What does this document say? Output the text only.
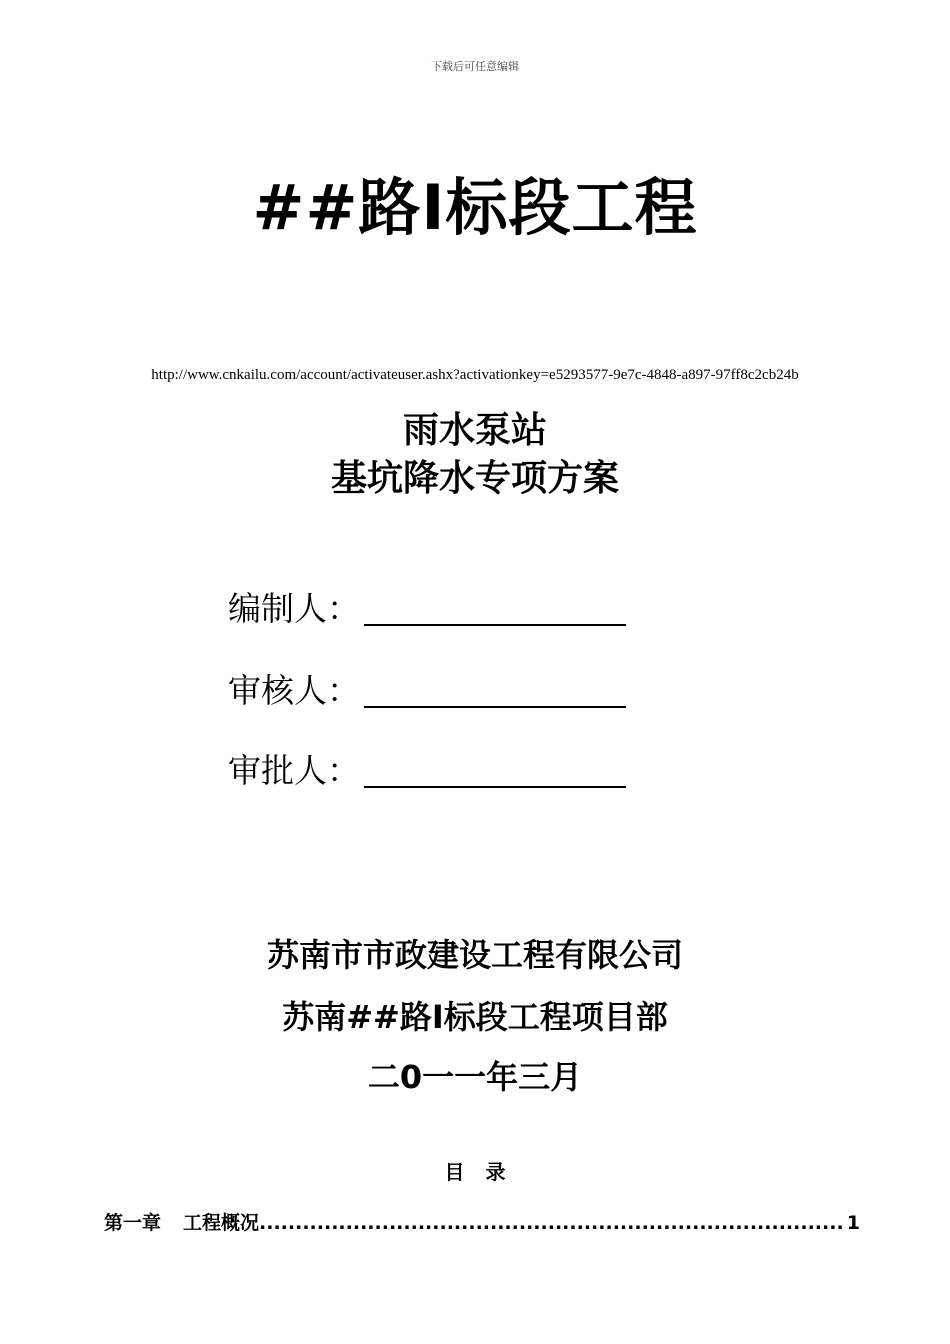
下载后可任意编辑
##路Ⅰ标段工程
http://www.cnkailu.com/account/activateuser.ashx?activationkey=e5293577-9e7c-4848-a897-97ff8c2cb24b
雨水泵站
基坑降水专项方案
编制人：
审核人：
审批人：
苏南市市政建设工程有限公司
苏南##路Ⅰ标段工程项目部
二0一一年三月
目 录
第一章 工程概况
.....	1
